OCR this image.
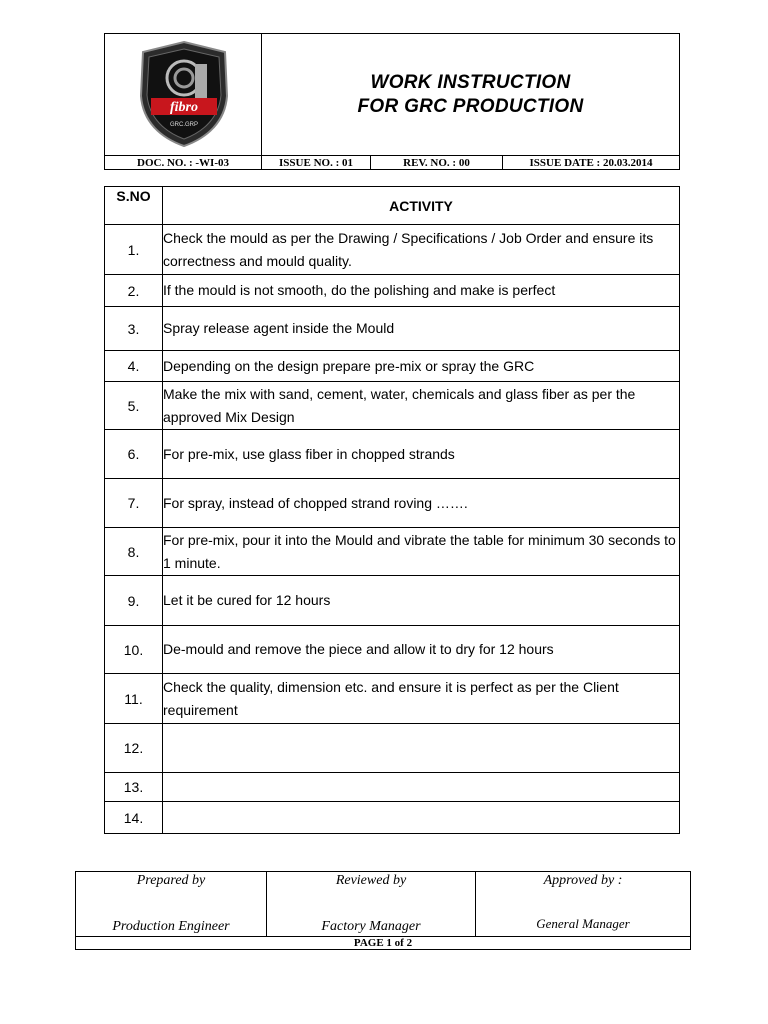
fibro
GRC.GRP
WORK INSTRUCTION
FOR GRC PRODUCTION
DOC. NO. : -WI-03	ISSUE NO. : 01	REV. NO. : 00	ISSUE DATE : 20.03.2014
S.NO	ACTIVITY
1.	Check the mould as per the Drawing / Specifications / Job Order and ensure its correctness and mould quality.
2.	If the mould is not smooth, do the polishing and make is perfect
3.	Spray release agent inside the Mould
4.	Depending on the design prepare pre-mix or spray the GRC
5.	Make the mix with sand, cement, water, chemicals and glass fiber as per the approved Mix Design
6.	For pre-mix, use glass fiber in chopped strands
7.	For spray, instead of chopped strand roving …….
8.	For pre-mix, pour it into the Mould and vibrate the table for minimum 30 seconds to 1 minute.
9.	Let it be cured for 12 hours
10.	De-mould and remove the piece and allow it to dry for 12 hours
11.	Check the quality, dimension etc. and ensure it is perfect as per the Client requirement
12.	
13.	
14.	
Prepared by
Production Engineer
Reviewed by
Factory Manager
Approved by :
General Manager
PAGE 1 of 2
